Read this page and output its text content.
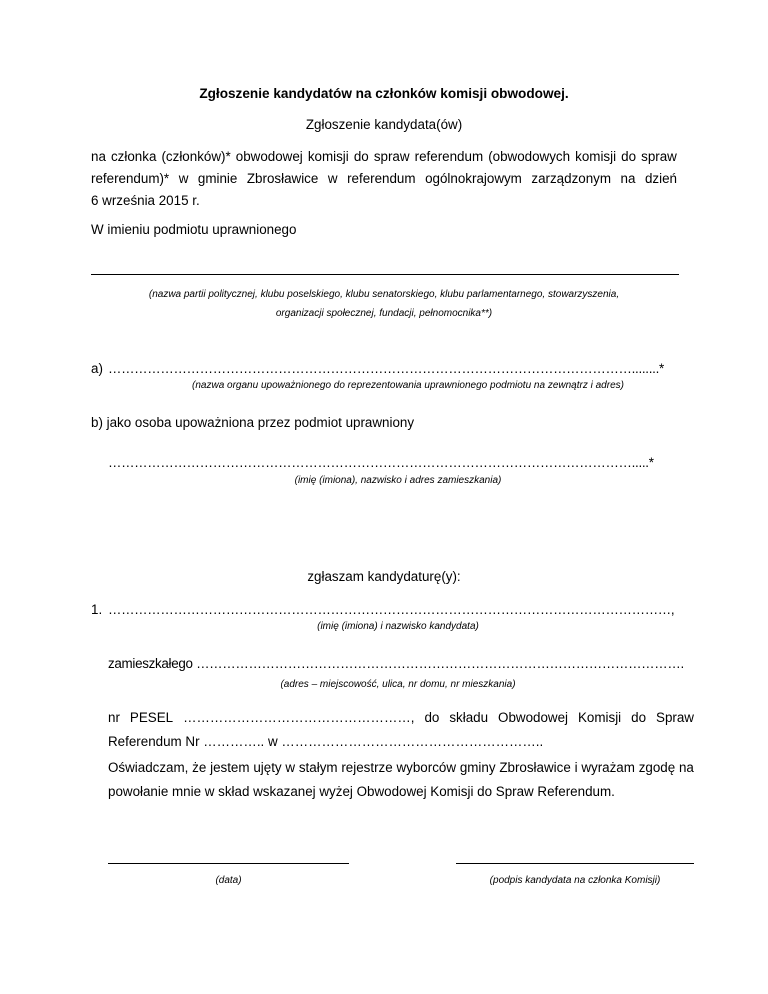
Zgłoszenie kandydatów na członków komisji obwodowej.
Zgłoszenie kandydata(ów)
na członka (członków)* obwodowej komisji do spraw referendum (obwodowych komisji do spraw
referendum)* w gminie Zbrosławice w referendum ogólnokrajowym zarządzonym na dzień
6 września 2015 r.
W imieniu podmiotu uprawnionego
(nazwa partii politycznej, klubu poselskiego, klubu senatorskiego, klubu parlamentarnego, stowarzyszenia,
organizacji społecznej, fundacji, pełnomocnika**)
a) …………………………………………………………………………………………………………........*
(nazwa organu upoważnionego do reprezentowania uprawnionego podmiotu na zewnątrz i adres)
b) jako osoba upoważniona przez podmiot uprawniony
………………………………………………………………………………………………………….....*
(imię (imiona), nazwisko i adres zamieszkania)
zgłaszam kandydaturę(y):
1. …………………………………………………………………………………………………………………,
(imię (imiona) i nazwisko kandydata)
zamieszkałego ………………………………………………………………………………………………….
(adres – miejscowość, ulica, nr domu, nr mieszkania)
nr PESEL ……………………………………………, do składu Obwodowej Komisji do Spraw
Referendum Nr ………….. w …………………………………………………..
Oświadczam, że jestem ujęty w stałym rejestrze wyborców gminy Zbrosławice i wyrażam zgodę na
powołanie mnie w skład wskazanej wyżej Obwodowej Komisji do Spraw Referendum.
(data)	(podpis kandydata na członka Komisji)
